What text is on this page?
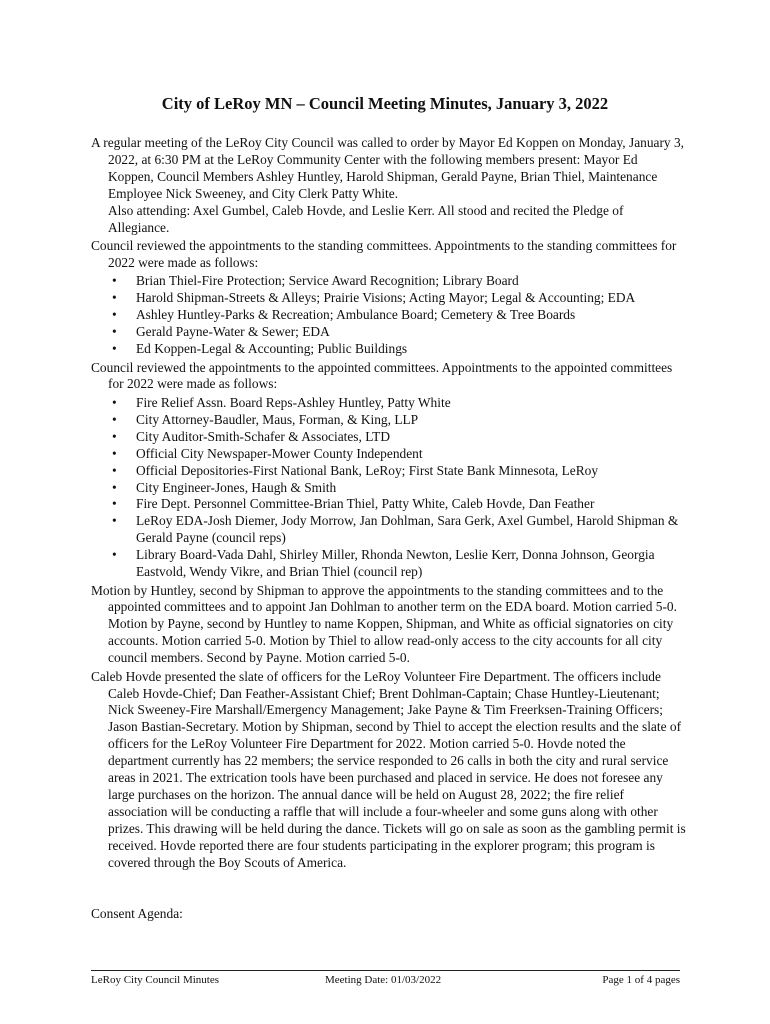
City of LeRoy MN – Council Meeting Minutes, January 3, 2022

A regular meeting of the LeRoy City Council was called to order by Mayor Ed Koppen on Monday, January 3, 2022, at 6:30 PM at the LeRoy Community Center with the following members present: Mayor Ed Koppen, Council Members Ashley Huntley, Harold Shipman, Gerald Payne, Brian Thiel, Maintenance Employee Nick Sweeney, and City Clerk Patty White.
Also attending: Axel Gumbel, Caleb Hovde, and Leslie Kerr. All stood and recited the Pledge of Allegiance.

Council reviewed the appointments to the standing committees. Appointments to the standing committees for 2022 were made as follows:

• Brian Thiel-Fire Protection; Service Award Recognition; Library Board
• Harold Shipman-Streets & Alleys; Prairie Visions; Acting Mayor; Legal & Accounting; EDA
• Ashley Huntley-Parks & Recreation; Ambulance Board; Cemetery & Tree Boards
• Gerald Payne-Water & Sewer; EDA
• Ed Koppen-Legal & Accounting; Public Buildings

Council reviewed the appointments to the appointed committees. Appointments to the appointed committees for 2022 were made as follows:

• Fire Relief Assn. Board Reps-Ashley Huntley, Patty White
• City Attorney-Baudler, Maus, Forman, & King, LLP
• City Auditor-Smith-Schafer & Associates, LTD
• Official City Newspaper-Mower County Independent
• Official Depositories-First National Bank, LeRoy; First State Bank Minnesota, LeRoy
• City Engineer-Jones, Haugh & Smith
• Fire Dept. Personnel Committee-Brian Thiel, Patty White, Caleb Hovde, Dan Feather
• LeRoy EDA-Josh Diemer, Jody Morrow, Jan Dohlman, Sara Gerk, Axel Gumbel, Harold Shipman & Gerald Payne (council reps)
• Library Board-Vada Dahl, Shirley Miller, Rhonda Newton, Leslie Kerr, Donna Johnson, Georgia Eastvold, Wendy Vikre, and Brian Thiel (council rep)

Motion by Huntley, second by Shipman to approve the appointments to the standing committees and to the appointed committees and to appoint Jan Dohlman to another term on the EDA board. Motion carried 5-0. Motion by Payne, second by Huntley to name Koppen, Shipman, and White as official signatories on city accounts. Motion carried 5-0. Motion by Thiel to allow read-only access to the city accounts for all city council members. Second by Payne. Motion carried 5-0.

Caleb Hovde presented the slate of officers for the LeRoy Volunteer Fire Department. The officers include Caleb Hovde-Chief; Dan Feather-Assistant Chief; Brent Dohlman-Captain; Chase Huntley-Lieutenant; Nick Sweeney-Fire Marshall/Emergency Management; Jake Payne & Tim Freerksen-Training Officers; Jason Bastian-Secretary. Motion by Shipman, second by Thiel to accept the election results and the slate of officers for the LeRoy Volunteer Fire Department for 2022. Motion carried 5-0. Hovde noted the department currently has 22 members; the service responded to 26 calls in both the city and rural service areas in 2021. The extrication tools have been purchased and placed in service. He does not foresee any large purchases on the horizon. The annual dance will be held on August 28, 2022; the fire relief association will be conducting a raffle that will include a four-wheeler and some guns along with other prizes. This drawing will be held during the dance. Tickets will go on sale as soon as the gambling permit is received. Hovde reported there are four students participating in the explorer program; this program is covered through the Boy Scouts of America.

Consent Agenda:
LeRoy City Council Minutes	Meeting Date: 01/03/2022	Page 1 of 4 pages
